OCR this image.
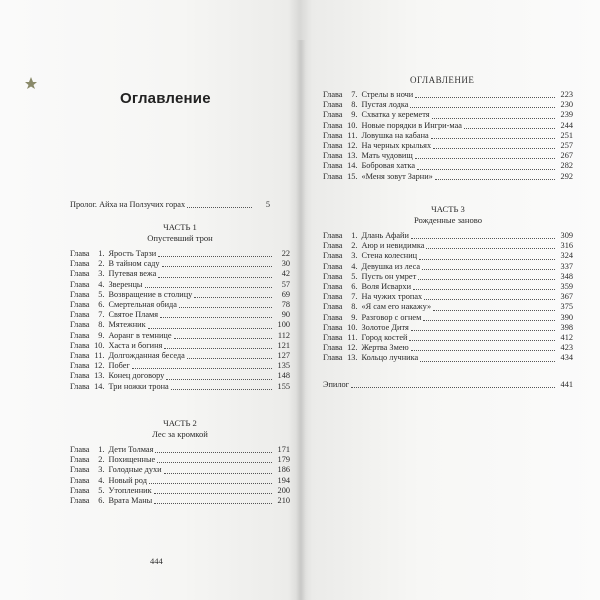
Оглавление
Пролог. Айха на Ползучих горах	5
ЧАСТЬ 1
Опустевший трон
Глава	1. Ярость Тарзи	22
Глава	2. В тайном саду	30
Глава	3. Путевая вежа	42
Глава	4. Зверенцы	57
Глава	5. Возвращение в столицу	69
Глава	6. Смертельная обида	78
Глава	7. Святое Пламя	90
Глава	8. Мятежник	100
Глава	9. Аоранг в темнице	112
Глава 10. Хаста и богиня	121
Глава 11. Долгожданная беседа	127
Глава 12. Побег	135
Глава 13. Конец договору	148
Глава 14. Три ножки трона	155
ЧАСТЬ 2
Лес за кромкой
Глава	1. Дети Толмая	171
Глава	2. Похищенные	179
Глава	3. Голодные духи	186
Глава	4. Новый род	194
Глава	5. Утопленник	200
Глава	6. Врата Маны	210
444
ОГЛАВЛЕНИЕ
Глава	7. Стрелы в ночи	223
Глава	8. Пустая лодка	230
Глава	9. Схватка у кереметя	239
Глава 10. Новые порядки в Ингри-маа	244
Глава 11. Ловушка на кабана	251
Глава 12. На черных крыльях	257
Глава 13. Мать чудовищ	267
Глава 14. Бобровая хатка	282
Глава 15. «Меня зовут Зарни»	292
ЧАСТЬ 3
Рожденные заново
Глава	1. Длань Афайи	309
Глава	2. Аюр и невидимка	316
Глава	3. Стена колесниц	324
Глава	4. Девушка из леса	337
Глава	5. Пусть он умрет	348
Глава	6. Воля Исвархи	359
Глава	7. На чужих тропах	367
Глава	8. «Я сам его накажу»	375
Глава	9. Разговор с огнем	390
Глава 10. Золотое Дитя	398
Глава 11. Город костей	412
Глава 12. Жертва Змею	423
Глава 13. Кольцо лучника	434
Эпилог	441
